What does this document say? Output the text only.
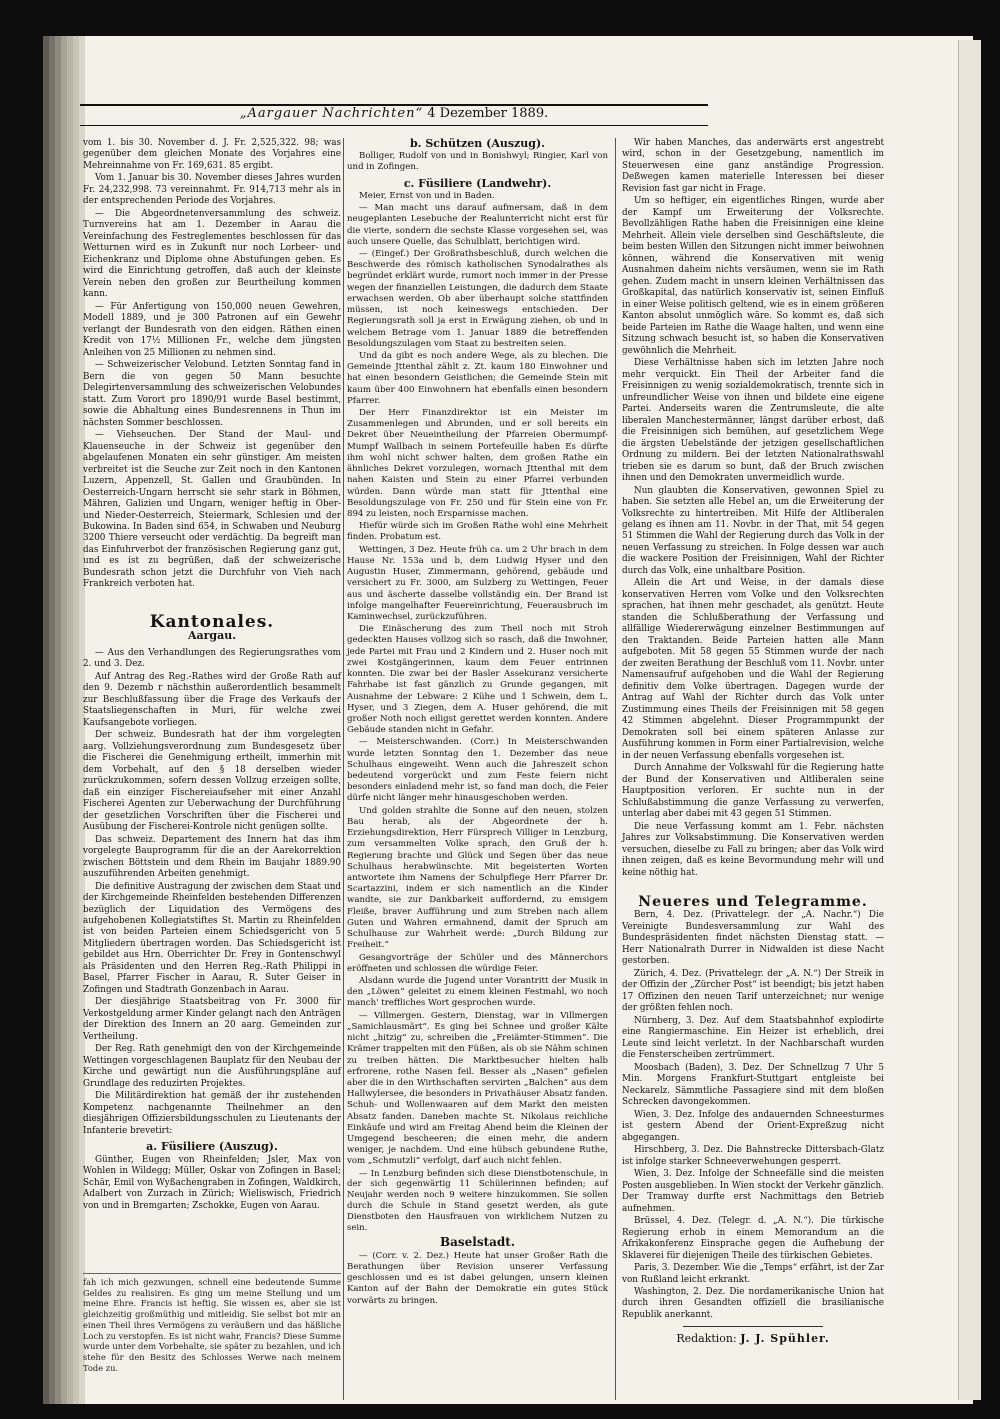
„Aargauer Nachrichten“ 4 Dezember 1889.

vom 1. bis 30. November d. J. Fr. 2,525,322. 98; was gegenüber dem gleichen Monate des Vorjahres eine Mehreinnahme von Fr. 169,631. 85 ergibt.

Vom 1. Januar bis 30. November dieses Jahres wurden Fr. 24,232,998. 73 vereinnahmt. Fr. 914,713 mehr als in der entsprechenden Periode des Vorjahres.

— Die Abgeordnetenversammlung des schweiz. Turnvereins hat am 1. Dezember in Aarau die Vereinfachung des Festreglementes beschlossen für das Wetturnen wird es in Zukunft nur noch Lorbeer- und Eichenkranz und Diplome ohne Abstufungen geben. Es wird die Einrichtung getroffen, daß auch der kleinste Verein neben den großen zur Beurtheilung kommen kann.

— Für Anfertigung von 150,000 neuen Gewehren, Modell 1889, und je 300 Patronen auf ein Gewehr verlangt der Bundesrath von den eidgen. Räthen einen Kredit von 17½ Millionen Fr., welche dem jüngsten Anleihen von 25 Millionen zu nehmen sind.

— Schweizerischer Velobund. Letzten Sonntag fand in Bern die von gegen 50 Mann besuchte Delegirtenversammlung des schweizerischen Velobundes statt. Zum Vorort pro 1890/91 wurde Basel bestimmt, sowie die Abhaltung eines Bundesrennens in Thun im nächsten Sommer beschlossen.

— Viehseuchen. Der Stand der Maul- und Klauenseuche in der Schweiz ist gegenüber den abgelaufenen Monaten ein sehr günstiger. Am meisten verbreitet ist die Seuche zur Zeit noch in den Kantonen Luzern, Appenzell, St. Gallen und Graubünden. In Oesterreich-Ungarn herrscht sie sehr stark in Böhmen, Mähren, Galizien und Ungarn, weniger heftig in Ober- und Nieder-Oesterreich, Steiermark, Schlesien und der Bukowina. In Baden sind 654, in Schwaben und Neuburg 3200 Thiere verseucht oder verdächtig. Da begreift man das Einfuhrverbot der französischen Regierung ganz gut, und es ist zu begrüßen, daß der schweizerische Bundesrath schon jetzt die Durchfuhr von Vieh nach Frankreich verboten hat.

Kantonales.
Aargau.

— Aus den Verhandlungen des Regierungsrathes vom 2. und 3. Dez.

Auf Antrag des Reg.-Rathes wird der Große Rath auf den 9. Dezemb r nächsthin außerordentlich besammelt zur Beschlußfassung über die Frage des Verkaufs der Staatsliegenschaften in Muri, für welche zwei Kaufsangebote vorliegen.

Der schweiz. Bundesrath hat der ihm vorgelegten aarg. Vollziehungsverordnung zum Bundesgesetz über die Fischerei die Genehmigung ertheilt, immerhin mit dem Vorbehalt, auf den § 18 derselben wieder zurückzukommen, sofern dessen Vollzug erzeigen sollte, daß ein einziger Fischereiaufseher mit einer Anzahl Fischerei Agenten zur Ueberwachung der Durchführung der gesetzlichen Vorschriften über die Fischerei und Ausübung der Fischerei-Kontrole nicht genügen sollte.

Das schweiz. Departement des Innern hat das ihm vorgelegte Bauprogramm für die an der Aarekorrektion zwischen Böttstein und dem Rhein im Baujahr 1889.90 auszuführenden Arbeiten genehmigt.

Die definitive Austragung der zwischen dem Staat und der Kirchgemeinde Rheinfelden bestehenden Differenzen bezüglich der Liquidation des Vermögens des aufgehobenen Kollegiatstiftes St. Martin zu Rheinfelden ist von beiden Parteien einem Schiedsgericht von 5 Mitgliedern übertragen worden. Das Schiedsgericht ist gebildet aus Hrn. Oberrichter Dr. Frey in Gontenschwyl als Präsidenten und den Herren Reg.-Rath Philippi in Basel, Pfarrer Fischer in Aarau, R. Suter Geiser in Zofingen und Stadtrath Gonzenbach in Aarau.

Der diesjährige Staatsbeitrag von Fr. 3000 für Verkostgeldung armer Kinder gelangt nach den Anträgen der Direktion des Innern an 20 aarg. Gemeinden zur Vertheilung.

Der Reg. Rath genehmigt den von der Kirchgemeinde Wettingen vorgeschlagenen Bauplatz für den Neubau der Kirche und gewärtigt nun die Ausführungspläne auf Grundlage des reduzirten Projektes.

Die Militärdirektion hat gemäß der ihr zustehenden Kompetenz nachgenannte Theilnehmer an den diesjährigen Offiziersbildungsschulen zu Lieutenants der Infanterie brevetirt:

a. Füsiliere (Auszug).

Günther, Eugen von Rheinfelden; Jsler, Max von Wohlen in Wildegg; Müller, Oskar von Zofingen in Basel; Schär, Emil von Wyßachengraben in Zofingen, Waldkirch, Adalbert von Zurzach in Zürich; Wieliswisch, Friedrich von und in Bremgarten; Zschokke, Eugen von Aarau.

fah ich mich gezwungen, schnell eine bedeutende Summe Geldes zu realisiren. Es ging um meine Stellung und um meine Ehre. Francis ist heftig. Sie wissen es, aber sie ist gleichzeitig großmüthig und mitleidig. Sie selbst bot mir an einen Theil ihres Vermögens zu veräußern und das häßliche Loch zu verstopfen. Es ist nicht wahr, Francis? Diese Summe wurde unter dem Vorbehalte, sie später zu bezahlen, und ich stehe für den Besitz des Schlosses Werwe nach meinem Tode zu.
b. Schützen (Auszug).

Bolliger, Rudolf von und in Bonishwyl; Ringier, Karl von und in Zofingen.

c. Füsiliere (Landwehr).

Meier, Ernst von und in Baden.

— Man macht uns darauf aufmersam, daß in dem neugeplanten Lesebuche der Realunterricht nicht erst für die vierte, sondern die sechste Klasse vorgesehen sei, was auch unsere Quelle, das Schulblatt, berichtigen wird.

— (Eingef.) Der Großrathsbeschluß, durch welchen die Beschwerde des römisch katholischen Synodalrathes als begründet erklärt wurde, rumort noch immer in der Presse wegen der finanziellen Leistungen, die dadurch dem Staate erwachsen werden. Ob aber überhaupt solche stattfinden müssen, ist noch keineswegs entschieden. Der Regierungsrath soll ja erst in Erwägung ziehen, ob und in welchem Betrage vom 1. Januar 1889 die betreffenden Besoldungszulagen vom Staat zu bestreiten seien.

Und da gibt es noch andere Wege, als zu blechen. Die Gemeinde Jttenthal zählt z. Zt. kaum 180 Einwohner und hat einen besondern Geistlichen; die Gemeinde Stein mit kaum über 400 Einwohnern hat ebenfalls einen besondern Pfarrer.

Der Herr Finanzdirektor ist ein Meister im Zusammenlegen und Abrunden, und er soll bereits ein Dekret über Neueintheilung der Pfarreien Obermumpf-Mumpf Wallbach in seinem Portefeuille haben Es dürfte ihm wohl nicht schwer halten, dem großen Rathe ein ähnliches Dekret vorzulegen, wornach Jttenthal mit dem nahen Kaisten und Stein zu einer Pfarrei verbunden würden. Dann würde man statt für Jttenthal eine Besoldungszulage von Fr. 250 und für Stein eine von Fr. 894 zu leisten, noch Ersparnisse machen.

Hiefür würde sich im Großen Rathe wohl eine Mehrheit finden. Probatum est.

Wettingen, 3 Dez. Heute früh ca. um 2 Uhr brach in dem Hause Nr. 153a und b, dem Ludwig Hyser und den Augustin Huser, Zimmermann, gehörend, gebäude und versichert zu Fr. 3000, am Sulzberg zu Wettingen, Feuer aus und äscherte dasselbe vollständig ein. Der Brand ist infolge mangelhafter Feuereinrichtung, Feuerausbruch im Kaminwechsel, zurückzuführen.

Die Einäscherung des zum Theil noch mit Stroh gedeckten Hauses vollzog sich so rasch, daß die Inwohner, jede Partei mit Frau und 2 Kindern und 2. Huser noch mit zwei Kostgängerinnen, kaum dem Feuer entrinnen konnten. Die zwar bei der Basler Assekuranz versicherte Fahrhabe ist fast gänzlich zu Grunde gegangen, mit Ausnahme der Lebware: 2 Kühe und 1 Schwein, dem L. Hyser, und 3 Ziegen, dem A. Huser gehörend, die mit großer Noth noch eiligst gerettet werden konnten. Andere Gebäude standen nicht in Gefahr.

— Meisterschwanden. (Corr.) In Meisterschwanden wurde letzten Sonntag den 1. Dezember das neue Schulhaus eingeweiht. Wenn auch die Jahreszeit schon bedeutend vorgerückt und zum Feste feiern nicht besonders einladend mehr ist, so fand man doch, die Feier dürfe nicht länger mehr hinausgeschoben werden.

Und golden strahlte die Sonne auf den neuen, stolzen Bau herab, als der Abgeordnete der h. Erziehungsdirektion, Herr Fürsprech Villiger in Lenzburg, zum versammelten Volke sprach, den Gruß der h. Regierung brachte und Glück und Segen über das neue Schulhaus herabwünschte. Mit begeisterten Worten antwortete ihm Namens der Schulpflege Herr Pfarrer Dr. Scartazzini, indem er sich namentlich an die Kinder wandte, sie zur Dankbarkeit auffordernd, zu emsigem Fleiße, braver Aufführung und zum Streben nach allem Guten und Wahren ermahnend, damit der Spruch am Schulhause zur Wahrheit werde: „Durch Bildung zur Freiheit.“

Gesangvorträge der Schüler und des Männerchors eröffneten und schlossen die würdige Feier.

Alsdann wurde die Jugend unter Vorantritt der Musik in den „Löwen“ geleitet zu einem kleinen Festmahl, wo noch manch' treffliches Wort gesprochen wurde.

— Villmergen. Gestern, Dienstag, war in Villmergen „Samichlausmärt“. Es ging bei Schnee und großer Kälte nicht „hitzig“ zu, schreiben die „Freiämter-Stimmen“. Die Krämer trappelten mit den Füßen, als ob sie Nähm schinen zu treiben hätten. Die Marktbesucher hielten halb erfrorene, rothe Nasen feil. Besser als „Nasen“ gefielen aber die in den Wirthschaften servirten „Balchen“ aus dem Hallwylersee, die besonders in Privathäuser Absatz fanden. Schuh- und Wollenwaaren auf dem Markt den meisten Absatz fanden. Daneben machte St. Nikolaus reichliche Einkäufe und wird am Freitag Abend beim die Kleinen der Umgegend bescheeren; die einen mehr, die andern weniger, je nachdem. Und eine hübsch gebundene Ruthe, vom „Schmutzli“ verfolgt, darf auch nicht fehlen.

— In Lenzburg befinden sich diese Dienstbotenschule, in der sich gegenwärtig 11 Schülerinnen befinden; auf Neujahr werden noch 9 weitere hinzukommen. Sie sollen durch die Schule in Stand gesetzt werden, als gute Dienstboten den Hausfrauen von wirklichem Nutzen zu sein.

Baselstadt.

— (Corr. v. 2. Dez.) Heute hat unser Großer Rath die Berathungen über Revision unserer Verfassung geschlossen und es ist dabei gelungen, unsern kleinen Kanton auf der Bahn der Demokratie ein gutes Stück vorwärts zu bringen.

Wir haben Manches, das anderwärts erst angestrebt wird, schon in der Gesetzgebung, namentlich im Steuerwesen eine ganz anständige Progression. Deßwegen kamen materielle Interessen bei dieser Revision fast gar nicht in Frage.

Um so heftiger, ein eigentliches Ringen, wurde aber der Kampf um Erweiterung der Volksrechte. Bevollzähligen Rathe haben die Freisinnigen eine kleine Mehrheit. Allein viele derselben sind Geschäftsleute, die beim besten Willen den Sitzungen nicht immer beiwohnen können, während die Konservativen mit wenig Ausnahmen daheim nichts versäumen, wenn sie im Rath gehen. Zudem macht in unsern kleinen Verhältnissen das Großkapital, das natürlich konservativ ist, seinen Einfluß in einer Weise politisch geltend, wie es in einem größeren Kanton absolut unmöglich wäre. So kommt es, daß sich beide Parteien im Rathe die Waage halten, und wenn eine Sitzung schwach besucht ist, so haben die Konservativen gewöhnlich die Mehrheit.

Diese Verhältnisse haben sich im letzten Jahre noch mehr verquickt. Ein Theil der Arbeiter fand die Freisinnigen zu wenig sozialdemokratisch, trennte sich in unfreundlicher Weise von ihnen und bildete eine eigene Partei. Anderseits waren die Zentrumsleute, die alte liberalen Manchestermänner, längst darüber erbost, daß die Freisinnigen sich bemühen, auf gesetzlichem Wege die ärgsten Uebelstände der jetzigen gesellschaftlichen Ordnung zu mildern. Bei der letzten Nationalrathswahl trieben sie es darum so bunt, daß der Bruch zwischen ihnen und den Demokraten unvermeidlich wurde.

Nun glaubten die Konservativen, gewonnen Spiel zu haben. Sie setzten alle Hebel an, um die Erweiterung der Volksrechte zu hintertreiben. Mit Hilfe der Altliberalen gelang es ihnen am 11. Novbr. in der That, mit 54 gegen 51 Stimmen die Wahl der Regierung durch das Volk in der neuen Verfassung zu streichen. In Folge dessen war auch die wackere Position der Freisinnigen, Wahl der Richter durch das Volk, eine unhaltbare Position.

Allein die Art und Weise, in der damals diese konservativen Herren vom Volke und den Volksrechten sprachen, hat ihnen mehr geschadet, als genützt. Heute standen die Schlußberathung der Verfassung und allfällige Wiedererwägung einzelner Bestimmungen auf den Traktanden. Beide Parteien hatten alle Mann aufgeboten. Mit 58 gegen 55 Stimmen wurde der nach der zweiten Berathung der Beschluß vom 11. Novbr. unter Namensaufruf aufgehoben und die Wahl der Regierung definitiv dem Volke übertragen. Dagegen wurde der Antrag auf Wahl der Richter durch das Volk unter Zustimmung eines Theils der Freisinnigen mit 58 gegen 42 Stimmen abgelehnt. Dieser Programmpunkt der Demokraten soll bei einem späteren Anlasse zur Ausführung kommen in Form einer Partialrevision, welche in der neuen Verfassung ebenfalls vorgesehen ist.

Durch Annahme der Volkswahl für die Regierung hatte der Bund der Konservativen und Altliberalen seine Hauptposition verloren. Er suchte nun in der Schlußabstimmung die ganze Verfassung zu verwerfen, unterlag aber dabei mit 43 gegen 51 Stimmen.

Die neue Verfassung kommt am 1. Febr. nächsten Jahres zur Volksabstimmung. Die Konservativen werden versuchen, dieselbe zu Fall zu bringen; aber das Volk wird ihnen zeigen, daß es keine Bevormundung mehr will und keine nöthig hat.

Neueres und Telegramme.

Bern, 4. Dez. (Privattelegr. der „A. Nachr.“) Die Vereinigte Bundesversammlung zur Wahl des Bundespräsidenten findet nächsten Dienstag statt. — Herr Nationalrath Durrer in Nidwalden ist diese Nacht gestorben.

Zürich, 4. Dez. (Privattelegr. der „A. N.“) Der Streik in der Offizin der „Zürcher Post“ ist beendigt; bis jetzt haben 17 Offizinen den neuen Tarif unterzeichnet; nur wenige der größten fehlen noch.

Nürnberg, 3. Dez. Auf dem Staatsbahnhof explodirte eine Rangiermaschine. Ein Heizer ist erheblich, drei Leute sind leicht verletzt. In der Nachbarschaft wurden die Fensterscheiben zertrümmert.

Moosbach (Baden), 3. Dez. Der Schnellzug 7 Uhr 5 Min. Morgens Frankfurt-Stuttgart entgleiste bei Neckarelz. Sämmtliche Passagiere sind mit dem bloßen Schrecken davongekommen.

Wien, 3. Dez. Infolge des andauernden Schneesturmes ist gestern Abend der Orient-Expreßzug nicht abgegangen.

Hirschberg, 3. Dez. Die Bahnstrecke Dittersbach-Glatz ist infolge starker Schneeverwehungen gesperrt.

Wien, 3. Dez. Infolge der Schneefälle sind die meisten Posten ausgeblieben. In Wien stockt der Verkehr gänzlich. Der Tramway durfte erst Nachmittags den Betrieb aufnehmen.

Brüssel, 4. Dez. (Telegr. d. „A. N.“). Die türkische Regierung erhob in einem Memorandum an die Afrikakonferenz Einsprache gegen die Aufhebung der Sklaverei für diejenigen Theile des türkischen Gebietes.

Paris, 3. Dezember. Wie die „Temps“ erfährt, ist der Zar von Rußland leicht erkrankt.

Washington, 2. Dez. Die nordamerikanische Union hat durch ihren Gesandten offiziell die brasilianische Republik anerkannt.

Redaktion: J. J. Spühler.
